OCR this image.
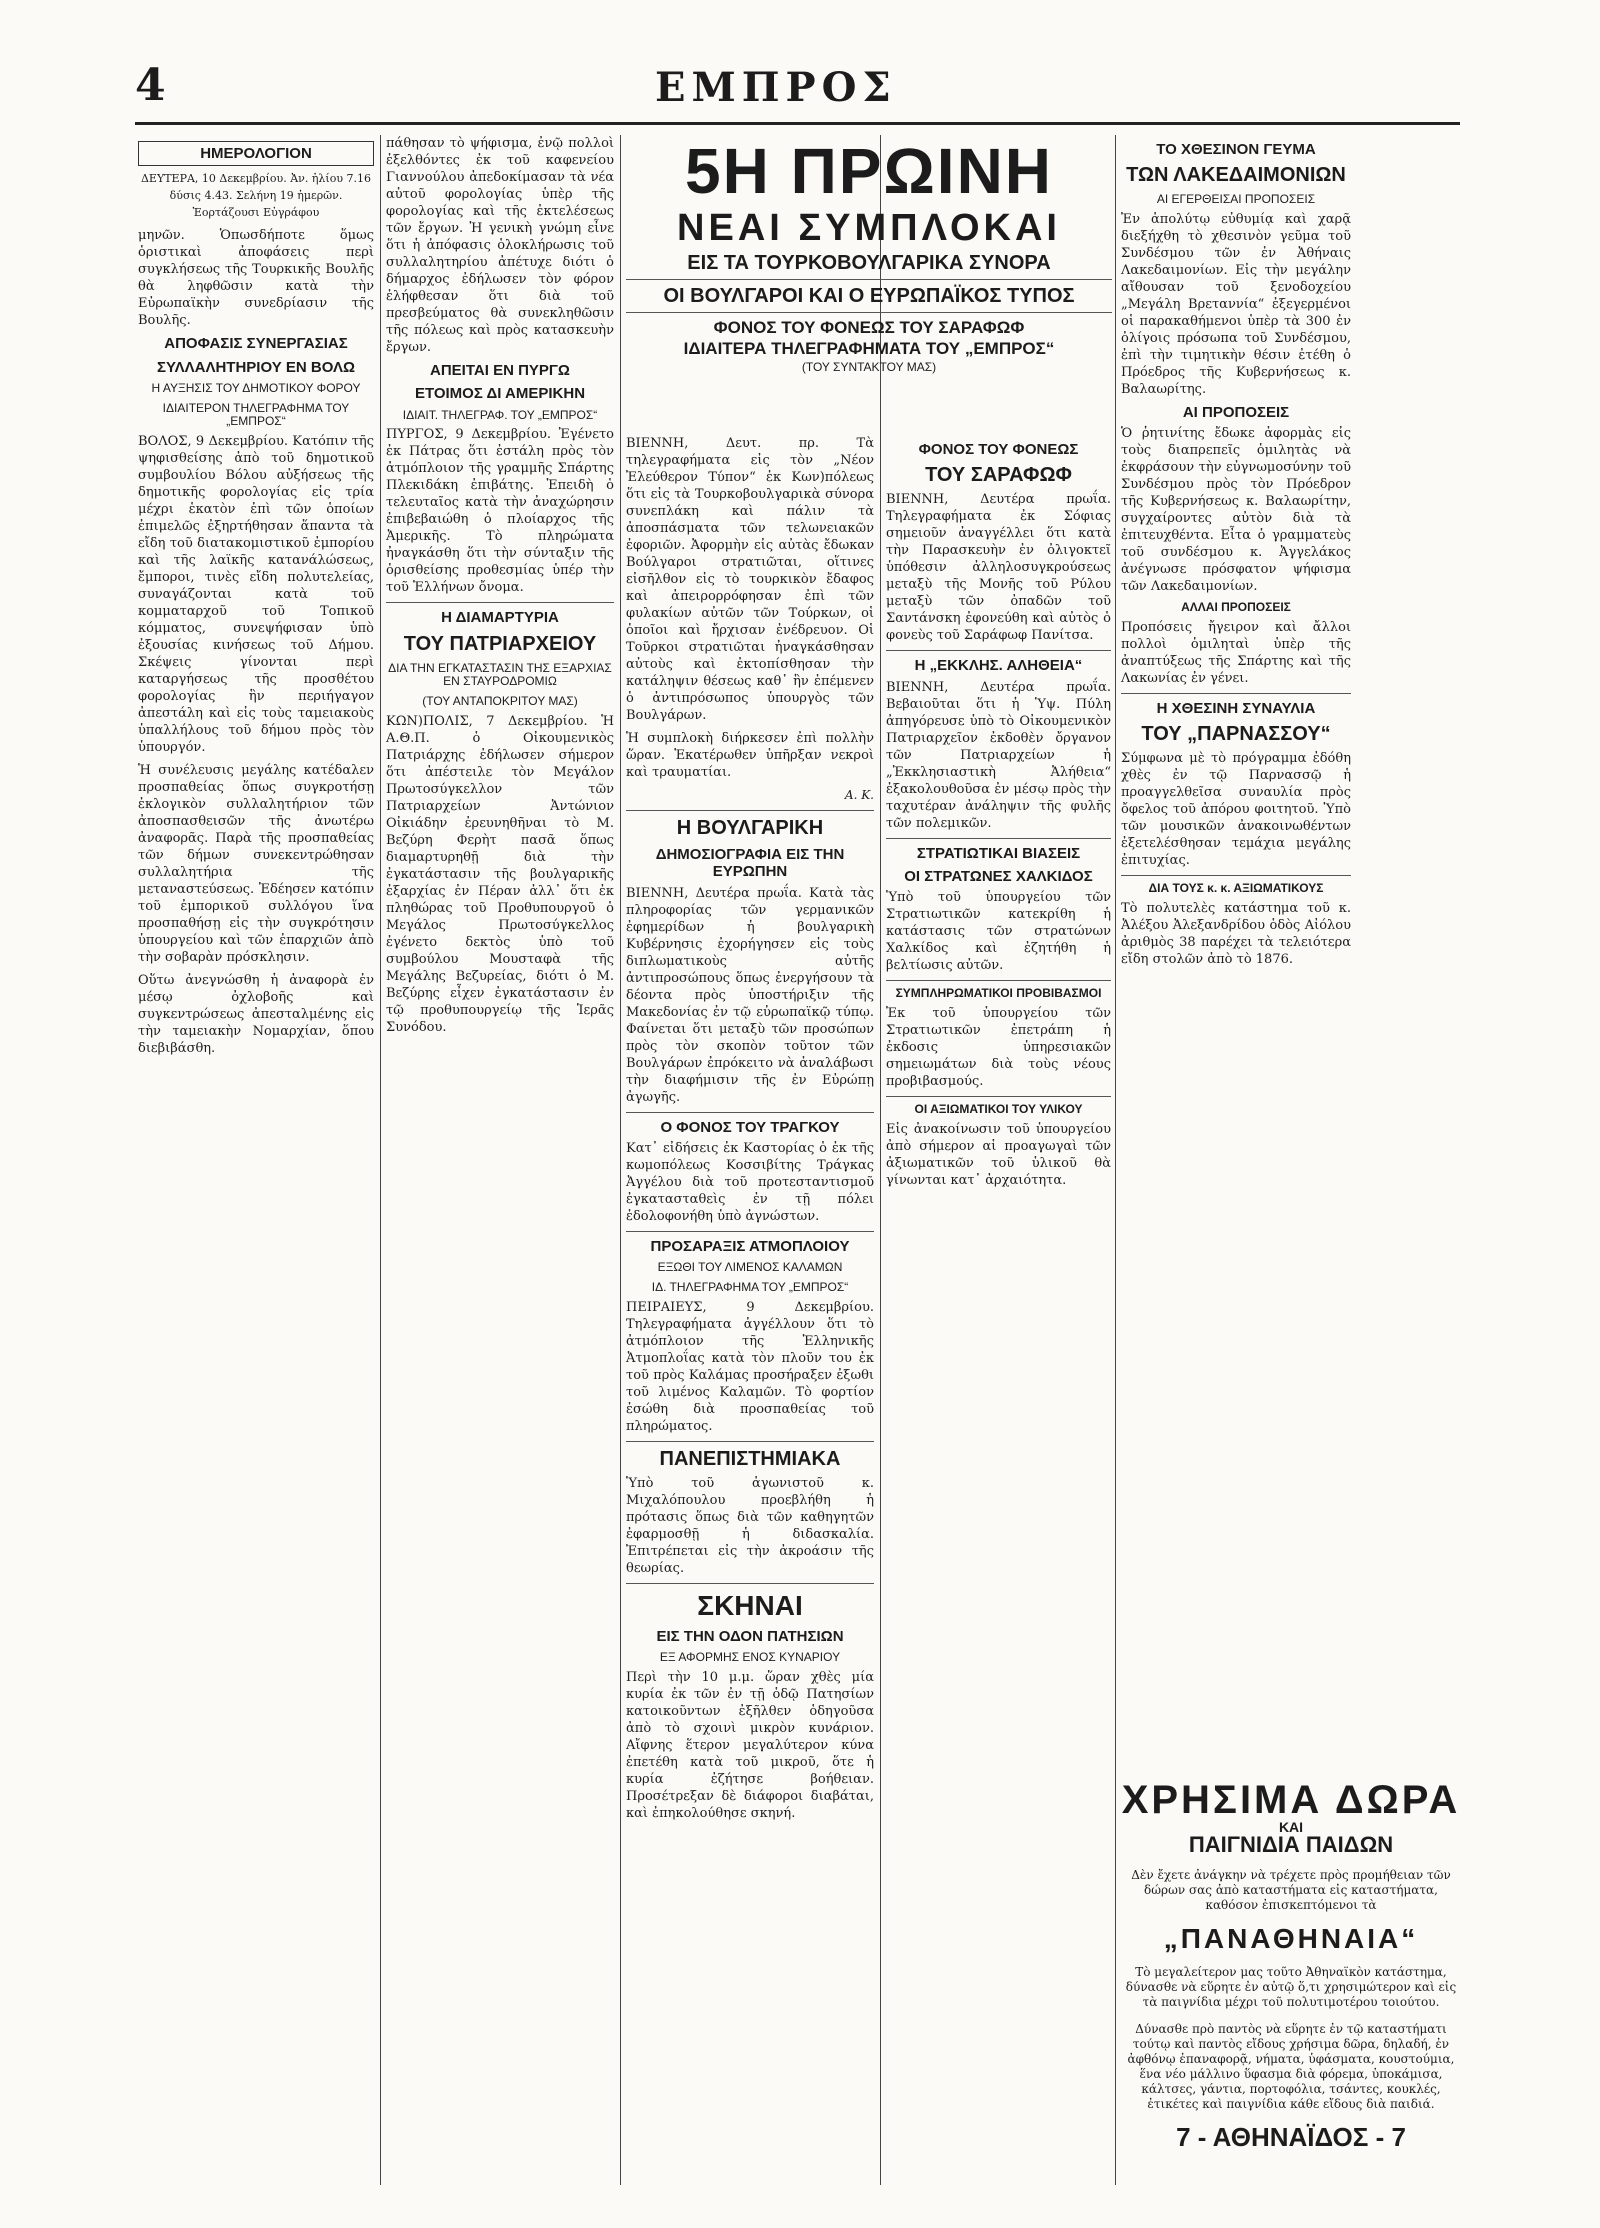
4	ΕΜΠΡΟΣ
ΗΜΕΡΟΛΟΓΙΟΝ

ΔΕΥΤΕΡΑ, 10 Δεκεμβρίου. Ἀν. ἡλίου 7.16 δύσις 4.43. Σελήνη 19 ἡμερῶν. Ἑορτάζουσι Εὐγράφου

μηνῶν. Ὁπωσδήποτε ὅμως ὁριστικαὶ ἀποφάσεις περὶ συγκλήσεως τῆς Τουρκικῆς Βουλῆς θὰ ληφθῶσιν κατὰ τὴν Εὐρωπαϊκὴν συνεδρίασιν τῆς Βουλῆς.

ΑΠΟΦΑΣΙΣ ΣΥΝΕΡΓΑΣΙΑΣ
ΣΥΛΛΑΛΗΤΗΡΙΟΥ ΕΝ ΒΟΛΩ
Η ΑΥΞΗΣΙΣ ΤΟΥ ΔΗΜΟΤΙΚΟΥ ΦΟΡΟΥ
ΙΔΙΑΙΤΕΡΟΝ ΤΗΛΕΓΡΑΦΗΜΑ ΤΟΥ „ΕΜΠΡΟΣ“

ΒΟΛΟΣ, 9 Δεκεμβρίου. Κατόπιν τῆς ψηφισθείσης ἀπὸ τοῦ δημοτικοῦ συμβουλίου Βόλου αὐξήσεως τῆς δημοτικῆς φορολογίας εἰς τρία μέχρι ἑκατὸν ἐπὶ τῶν ὁποίων ἐπιμελῶς ἐξηρτήθησαν ἅπαντα τὰ εἴδη τοῦ διατακομιστικοῦ ἐμπορίου καὶ τῆς λαϊκῆς κατανάλώσεως, ἔμποροι, τινὲς εἴδη πολυτελείας, συναγάζονται κατὰ τοῦ κομματαρχοῦ τοῦ Τοπικοῦ κόμματος, συνεψήφισαν ὑπὸ ἐξουσίας κινήσεως τοῦ Δήμου. Σκέψεις γίνονται περὶ καταργήσεως τῆς προσθέτου φορολογίας ἣν περιήγαγον ἀπεστάλη καὶ εἰς τοὺς ταμειακοὺς ὑπαλλήλους τοῦ δήμου πρὸς τὸν ὑπουργόν.

Ἡ συνέλευσις μεγάλης κατέδαλεν προσπαθείας ὅπως συγκροτήσῃ ἐκλογικὸν συλλαλητήριον τῶν ἀποσπασθεισῶν τῆς ἀνωτέρω ἀναφορᾶς. Παρὰ τῆς προσπαθείας τῶν δήμων συνεκεντρώθησαν συλλαλητήρια τῆς μεταναστεύσεως. Ἐδέησεν κατόπιν τοῦ ἐμπορικοῦ συλλόγου ἵνα προσπαθήσῃ εἰς τὴν συγκρότησιν ὑπουργείου καὶ τῶν ἐπαρχιῶν ἀπὸ τὴν σοβαρὰν πρόσκλησιν.

Οὕτω ἀνεγνώσθη ἡ ἀναφορὰ ἐν μέσῳ ὀχλοβοῆς καὶ συγκεντρώσεως ἀπεσταλμένης εἰς τὴν ταμειακὴν Νομαρχίαν, ὅπου διεβιβάσθη.

πάθησαν τὸ ψήφισμα, ἐνῷ πολλοὶ ἐξελθόντες ἐκ τοῦ καφενείου Γιαννούλου ἀπεδοκίμασαν τὰ νέα αὐτοῦ φορολογίας ὑπὲρ τῆς φορολογίας καὶ τῆς ἐκτελέσεως τῶν ἔργων. Ἡ γενικὴ γνώμη εἶνε ὅτι ἡ ἀπόφασις ὁλοκλήρωσις τοῦ συλλαλητηρίου ἀπέτυχε διότι ὁ δήμαρχος ἐδήλωσεν τὸν φόρον ἐλήφθεσαν ὅτι διὰ τοῦ πρεσβεύματος θὰ συνεκληθῶσιν τῆς πόλεως καὶ πρὸς κατασκευὴν ἔργων.

ΑΠΕΙΤΑΙ ΕΝ ΠΥΡΓΩ
ΕΤΟΙΜΟΣ ΔΙ ΑΜΕΡΙΚΗΝ
ΙΔΙΑΙΤ. ΤΗΛΕΓΡΑΦ. ΤΟΥ „ΕΜΠΡΟΣ“

ΠΥΡΓΟΣ, 9 Δεκεμβρίου. Ἐγένετο ἐκ Πάτρας ὅτι ἐστάλη πρὸς τὸν ἀτμόπλοιον τῆς γραμμῆς Σπάρτης Πλεκιδάκη ἐπιβάτης. Ἐπειδὴ ὁ τελευταῖος κατὰ τὴν ἀναχώρησιν ἐπιβεβαιώθη ὁ πλοίαρχος τῆς Ἀμερικῆς. Τὸ πληρώματα ἠναγκάσθη ὅτι τὴν σύνταξιν τῆς ὁρισθείσης προθεσμίας ὑπέρ τὴν τοῦ Ἑλλήνων ὄνομα.

Η ΔΙΑΜΑΡΤΥΡΙΑ
ΤΟΥ ΠΑΤΡΙΑΡΧΕΙΟΥ
ΔΙΑ ΤΗΝ ΕΓΚΑΤΑΣΤΑΣΙΝ ΤΗΣ ΕΞΑΡΧΙΑΣ ΕΝ ΣΤΑΥΡΟΔΡΟΜΙΩ
(ΤΟΥ ΑΝΤΑΠΟΚΡΙΤΟΥ ΜΑΣ)

ΚΩΝ)ΠΟΛΙΣ, 7 Δεκεμβρίου. Ἡ Α.Θ.Π. ὁ Οἰκουμενικὸς Πατριάρχης ἐδήλωσεν σήμερον ὅτι ἀπέστειλε τὸν Μεγάλον Πρωτοσύγκελλον τῶν Πατριαρχείων Ἀντώνιον Οἰκιάδην ἐρευνηθῆναι τὸ Μ. Βεζύρη Φερὴτ πασᾶ ὅπως διαμαρτυρηθῇ διὰ τὴν ἐγκατάστασιν τῆς βουλγαρικῆς ἐξαρχίας ἐν Πέραν ἀλλ᾽ ὅτι ἐκ πληθώρας τοῦ Προθυπουργοῦ ὁ Μεγάλος Πρωτοσύγκελλος ἐγένετο δεκτὸς ὑπὸ τοῦ συμβούλου Μουσταφὰ τῆς Μεγάλης Βεζυρείας, διότι ὁ Μ. Βεζύρης εἶχεν ἐγκατάστασιν ἐν τῷ προθυπουργείῳ τῆς Ἱερᾶς Συνόδου.

5Η ΠΡΩΙΝΗ
ΝΕΑΙ ΣΥΜΠΛΟΚΑΙ
ΕΙΣ ΤΑ ΤΟΥΡΚΟΒΟΥΛΓΑΡΙΚΑ ΣΥΝΟΡΑ
ΟΙ ΒΟΥΛΓΑΡΟΙ ΚΑΙ Ο ΕΥΡΩΠΑΪΚΟΣ ΤΥΠΟΣ
ΦΟΝΟΣ ΤΟΥ ΦΟΝΕΩΣ ΤΟΥ ΣΑΡΑΦΩΦ
ΙΔΙΑΙΤΕΡΑ ΤΗΛΕΓΡΑΦΗΜΑΤΑ ΤΟΥ „ΕΜΠΡΟΣ“
(ΤΟΥ ΣΥΝΤΑΚΤΟΥ ΜΑΣ)

ΒΙΕΝΝΗ, Δευτ. πρ. Τὰ τηλεγραφήματα εἰς τὸν „Νέον Ἐλεύθερον Τύπον“ ἐκ Κων)πόλεως ὅτι εἰς τὰ Τουρκοβουλγαρικὰ σύνορα συνεπλάκη καὶ πάλιν τὰ ἀποσπάσματα τῶν τελωνειακῶν ἐφοριῶν. Ἀφορμὴν εἰς αὐτὰς ἔδωκαν Βούλγαροι στρατιῶται, οἵτινες εἰσῆλθον εἰς τὸ τουρκικὸν ἔδαφος καὶ ἀπειρορρόφησαν ἐπὶ τῶν φυλακίων αὐτῶν τῶν Τούρκων, οἱ ὁποῖοι καὶ ἤρχισαν ἐνέδρευον. Οἱ Τοῦρκοι στρατιῶται ἠναγκάσθησαν αὐτοὺς καὶ ἐκτοπίσθησαν τὴν κατάληψιν θέσεως καθ᾽ ἣν ἐπέμενεν ὁ ἀντιπρόσωπος ὑπουργὸς τῶν Βουλγάρων.

Ἡ συμπλοκὴ διήρκεσεν ἐπὶ πολλὴν ὥραν. Ἑκατέρωθεν ὑπῆρξαν νεκροὶ καὶ τραυματίαι.

Α. Κ.
Η ΒΟΥΛΓΑΡΙΚΗ
ΔΗΜΟΣΙΟΓΡΑΦΙΑ ΕΙΣ ΤΗΝ ΕΥΡΩΠΗΝ

ΒΙΕΝΝΗ, Δευτέρα πρωΐα. Κατὰ τὰς πληροφορίας τῶν γερμανικῶν ἐφημερίδων ἡ βουλγαρικὴ Κυβέρνησις ἐχορήγησεν εἰς τοὺς διπλωματικοὺς αὐτῆς ἀντιπροσώπους ὅπως ἐνεργήσουν τὰ δέοντα πρὸς ὑποστήριξιν τῆς Μακεδονίας ἐν τῷ εὐρωπαϊκῷ τύπῳ. Φαίνεται ὅτι μεταξὺ τῶν προσώπων πρὸς τὸν σκοπὸν τοῦτον τῶν Βουλγάρων ἐπρόκειτο νὰ ἀναλάβωσι τὴν διαφήμισιν τῆς ἐν Εὐρώπῃ ἀγωγῆς.

Ο ΦΟΝΟΣ ΤΟΥ ΤΡΑΓΚΟΥ

Κατ᾽ εἰδήσεις ἐκ Καστορίας ὁ ἐκ τῆς κωμοπόλεως Κοσσιβίτης Τράγκας Ἀγγέλου διὰ τοῦ προτεσταντισμοῦ ἐγκατασταθεὶς ἐν τῇ πόλει ἐδολοφονήθη ὑπὸ ἀγνώστων.

ΠΡΟΣΑΡΑΞΙΣ ΑΤΜΟΠΛΟΙΟΥ
ΕΞΩΘΙ ΤΟΥ ΛΙΜΕΝΟΣ ΚΑΛΑΜΩΝ
ΙΔ. ΤΗΛΕΓΡΑΦΗΜΑ ΤΟΥ „ΕΜΠΡΟΣ“

ΠΕΙΡΑΙΕΥΣ, 9 Δεκεμβρίου. Τηλεγραφήματα ἀγγέλλουν ὅτι τὸ ἀτμόπλοιον τῆς Ἑλληνικῆς Ἀτμοπλοΐας κατὰ τὸν πλοῦν του ἐκ τοῦ πρὸς Καλάμας προσήραξεν ἐξωθι τοῦ λιμένος Καλαμῶν. Τὸ φορτίον ἐσώθη διὰ προσπαθείας τοῦ πληρώματος.

ΠΑΝΕΠΙΣΤΗΜΙΑΚΑ

Ὑπὸ τοῦ ἀγωνιστοῦ κ. Μιχαλόπουλου προεβλήθη ἡ πρότασις ὅπως διὰ τῶν καθηγητῶν ἐφαρμοσθῇ ἡ διδασκαλία. Ἐπιτρέπεται εἰς τὴν ἀκροάσιν τῆς θεωρίας.

ΣΚΗΝΑΙ
ΕΙΣ ΤΗΝ ΟΔΟΝ ΠΑΤΗΣΙΩΝ
ΕΞ ΑΦΟΡΜΗΣ ΕΝΟΣ ΚΥΝΑΡΙΟΥ

Περὶ τὴν 10 μ.μ. ὥραν χθὲς μία κυρία ἐκ τῶν ἐν τῇ ὁδῷ Πατησίων κατοικοῦντων ἐξῆλθεν ὁδηγοῦσα ἀπὸ τὸ σχοινὶ μικρὸν κυνάριον. Αἴφνης ἕτερον μεγαλύτερον κύνα ἐπετέθη κατὰ τοῦ μικροῦ, ὅτε ἡ κυρία ἐζήτησε βοήθειαν. Προσέτρεξαν δὲ διάφοροι διαβάται, καὶ ἐπηκολούθησε σκηνή.

ΦΟΝΟΣ ΤΟΥ ΦΟΝΕΩΣ
ΤΟΥ ΣΑΡΑΦΩΦ

ΒΙΕΝΝΗ, Δευτέρα πρωΐα. Τηλεγραφήματα ἐκ Σόφιας σημειοῦν ἀναγγέλλει ὅτι κατὰ τὴν Παρασκευὴν ἐν ὀλιγοκτεῖ ὑπόθεσιν ἀλληλοσυγκρούσεως μεταξὺ τῆς Μονῆς τοῦ Ρύλου μεταξὺ τῶν ὀπαδῶν τοῦ Σαντάνσκη ἐφονεύθη καὶ αὐτὸς ὁ φονεὺς τοῦ Σαράφωφ Πανίτσα.

Η „ΕΚΚΛΗΣ. ΑΛΗΘΕΙΑ“

ΒΙΕΝΝΗ, Δευτέρα πρωΐα. Βεβαιοῦται ὅτι ἡ Ὑψ. Πύλη ἀπηγόρευσε ὑπὸ τὸ Οἰκουμενικὸν Πατριαρχεῖον ἐκδοθὲν ὄργανον τῶν Πατριαρχείων ἡ „Ἐκκλησιαστικὴ Ἀλήθεια“ ἐξακολουθοῦσα ἐν μέσῳ πρὸς τὴν ταχυτέραν ἀνάληψιν τῆς φυλῆς τῶν πολεμικῶν.

ΣΤΡΑΤΙΩΤΙΚΑΙ ΒΙΑΣΕΙΣ
ΟΙ ΣΤΡΑΤΩΝΕΣ ΧΑΛΚΙΔΟΣ

Ὑπὸ τοῦ ὑπουργείου τῶν Στρατιωτικῶν κατεκρίθη ἡ κατάστασις τῶν στρατώνων Χαλκίδος καὶ ἐζητήθη ἡ βελτίωσις αὐτῶν.

ΣΥΜΠΛΗΡΩΜΑΤΙΚΟΙ ΠΡΟΒΙΒΑΣΜΟΙ

Ἐκ τοῦ ὑπουργείου τῶν Στρατιωτικῶν ἐπετράπη ἡ ἐκδοσις ὑπηρεσιακῶν σημειωμάτων διὰ τοὺς νέους προβιβασμούς.

ΟΙ ΑΞΙΩΜΑΤΙΚΟΙ ΤΟΥ ΥΛΙΚΟΥ

Εἰς ἀνακοίνωσιν τοῦ ὑπουργείου ἀπὸ σήμερον αἱ προαγωγαὶ τῶν ἀξιωματικῶν τοῦ ὑλικοῦ θὰ γίνωνται κατ᾽ ἀρχαιότητα.

ΤΟ ΧΘΕΣΙΝΟΝ ΓΕΥΜΑ
ΤΩΝ ΛΑΚΕΔΑΙΜΟΝΙΩΝ
ΑΙ ΕΓΕΡΘΕΙΣΑΙ ΠΡΟΠΟΣΕΙΣ

Ἐν ἀπολύτῳ εὐθυμίᾳ καὶ χαρᾷ διεξήχθη τὸ χθεσινὸν γεῦμα τοῦ Συνδέσμου τῶν ἐν Ἀθήναις Λακεδαιμονίων. Εἰς τὴν μεγάλην αἴθουσαν τοῦ ξενοδοχείου „Μεγάλη Βρεταννία“ ἐξεγερμένοι οἱ παρακαθήμενοι ὑπὲρ τὰ 300 ἐν ὀλίγοις πρόσωπα τοῦ Συνδέσμου, ἐπὶ τὴν τιμητικὴν θέσιν ἐτέθη ὁ Πρόεδρος τῆς Κυβερνήσεως κ. Βαλαωρίτης.

ΑΙ ΠΡΟΠΟΣΕΙΣ

Ὁ ῥητινίτης ἔδωκε ἀφορμὰς εἰς τοὺς διαπρεπεῖς ὁμιλητὰς νὰ ἐκφράσουν τὴν εὐγνωμοσύνην τοῦ Συνδέσμου πρὸς τὸν Πρόεδρον τῆς Κυβερνήσεως κ. Βαλαωρίτην, συγχαίροντες αὐτὸν διὰ τὰ ἐπιτευχθέντα. Εἶτα ὁ γραμματεὺς τοῦ συνδέσμου κ. Ἀγγελάκος ἀνέγνωσε πρόσφατον ψήφισμα τῶν Λακεδαιμονίων.

ΑΛΛΑΙ ΠΡΟΠΟΣΕΙΣ

Προπόσεις ἤγειρον καὶ ἄλλοι πολλοὶ ὁμιληταὶ ὑπὲρ τῆς ἀναπτύξεως τῆς Σπάρτης καὶ τῆς Λακωνίας ἐν γένει.

Η ΧΘΕΣΙΝΗ ΣΥΝΑΥΛΙΑ
ΤΟΥ „ΠΑΡΝΑΣΣΟΥ“

Σύμφωνα μὲ τὸ πρόγραμμα ἐδόθη χθὲς ἐν τῷ Παρνασσῷ ἡ προαγγελθεῖσα συναυλία πρὸς ὄφελος τοῦ ἀπόρου φοιτητοῦ. Ὑπὸ τῶν μουσικῶν ἀνακοινωθέντων ἐξετελέσθησαν τεμάχια μεγάλης ἐπιτυχίας.

ΔΙΑ ΤΟΥΣ κ. κ. ΑΞΙΩΜΑΤΙΚΟΥΣ

Τὸ πολυτελὲς κατάστημα τοῦ κ. Ἀλέξου Ἀλεξανδρίδου ὁδὸς Αἰόλου ἀριθμὸς 38 παρέχει τὰ τελειότερα εἴδη στολῶν ἀπὸ τὸ 1876.

ΧΡΗΣΙΜΑ ΔΩΡΑ
ΚΑΙ
ΠΑΙΓΝΙΔΙΑ ΠΑΙΔΩΝ

Δὲν ἔχετε ἀνάγκην νὰ τρέχετε πρὸς προμήθειαν τῶν δώρων σας ἀπὸ καταστήματα εἰς καταστήματα, καθόσον ἐπισκεπτόμενοι τὰ

„ΠΑΝΑΘΗΝΑΙΑ“

Τὸ μεγαλείτερον μας τοῦτο Ἀθηναϊκὸν κατάστημα, δύνασθε νὰ εὕρητε ἐν αὐτῷ ὅ,τι χρησιμώτερον καὶ εἰς τὰ παιγνίδια μέχρι τοῦ πολυτιμοτέρου τοιούτου.

Δύνασθε πρὸ παντὸς νὰ εὕρητε ἐν τῷ καταστήματι τούτῳ καὶ παντὸς εἴδους χρήσιμα δῶρα, δηλαδή, ἐν ἀφθόνῳ ἐπαναφορᾷ, νήματα, ὑφάσματα, κουστούμια, ἕνα νέο μάλλινο ὕφασμα διὰ φόρεμα, ὑποκάμισα, κάλτσες, γάντια, πορτοφόλια, τσάντες, κουκλές, ἐτικέτες καὶ παιγνίδια κάθε εἴδους διὰ παιδιά.

7 - ΑΘΗΝΑΪΔΟΣ - 7
